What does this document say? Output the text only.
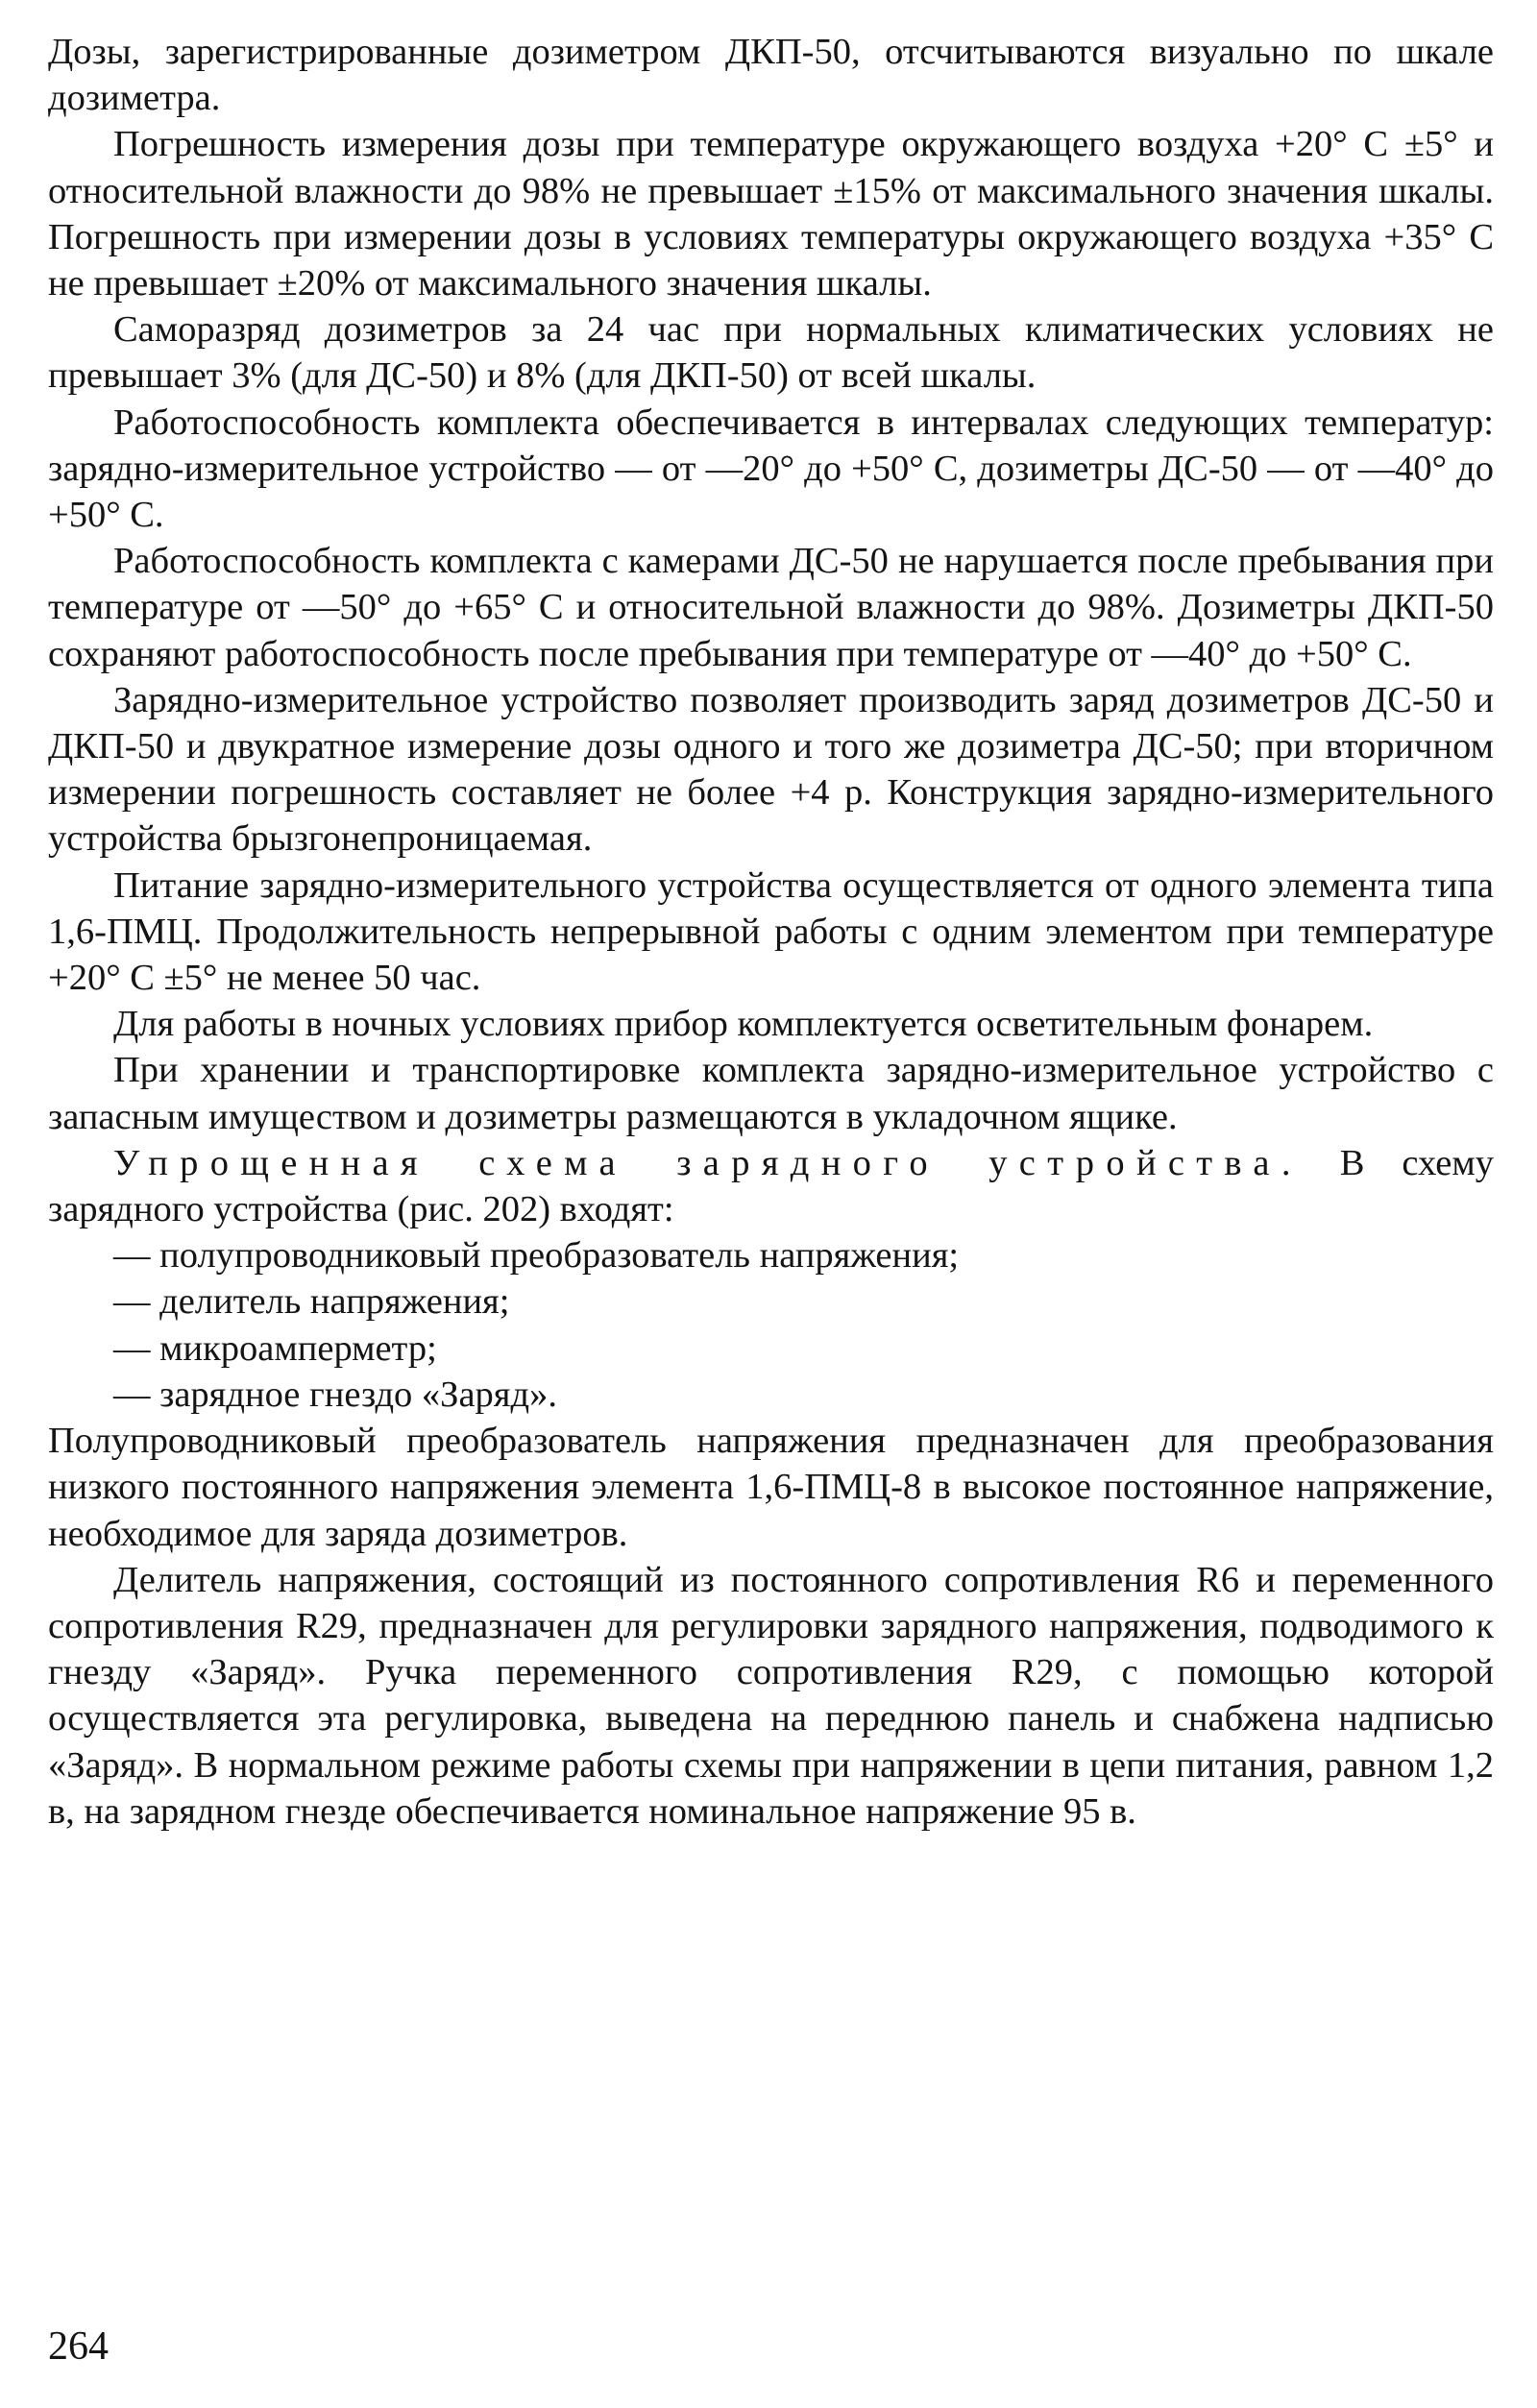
Дозы, зарегистрированные дозиметром ДКП-50, отсчитываются визуально по шкале дозиметра.

Погрешность измерения дозы при температуре окружающего воздуха +20° С ±5° и относительной влажности до 98% не превышает ±15% от максимального значения шкалы. Погрешность при измерении дозы в условиях температуры окружающего воздуха +35° С не превышает ±20% от максимального значения шкалы.

Саморазряд дозиметров за 24 час при нормальных климатических условиях не превышает 3% (для ДС-50) и 8% (для ДКП-50) от всей шкалы.

Работоспособность комплекта обеспечивается в интервалах следующих температур: зарядно-измерительное устройство — от —20° до +50° С, дозиметры ДС-50 — от —40° до +50° С.

Работоспособность комплекта с камерами ДС-50 не нарушается после пребывания при температуре от —50° до +65° С и относительной влажности до 98%. Дозиметры ДКП-50 сохраняют работоспособность после пребывания при температуре от —40° до +50° С.

Зарядно-измерительное устройство позволяет производить заряд дозиметров ДС-50 и ДКП-50 и двукратное измерение дозы одного и того же дозиметра ДС-50; при вторичном измерении погрешность составляет не более +4 р. Конструкция зарядно-измерительного устройства брызгонепроницаемая.

Питание зарядно-измерительного устройства осуществляется от одного элемента типа 1,6-ПМЦ. Продолжительность непрерывной работы с одним элементом при температуре +20° С ±5° не менее 50 час.

Для работы в ночных условиях прибор комплектуется осветительным фонарем.

При хранении и транспортировке комплекта зарядно-измерительное устройство с запасным имуществом и дозиметры размещаются в укладочном ящике.

Упрощенная схема зарядного устройства. В схему зарядного устройства (рис. 202) входят:

— полупроводниковый преобразователь напряжения;
— делитель напряжения;
— микроамперметр;
— зарядное гнездо «Заряд».

Полупроводниковый преобразователь напряжения предназначен для преобразования низкого постоянного напряжения элемента 1,6-ПМЦ-8 в высокое постоянное напряжение, необходимое для заряда дозиметров.

Делитель напряжения, состоящий из постоянного сопротивления R6 и переменного сопротивления R29, предназначен для регулировки зарядного напряжения, подводимого к гнезду «Заряд». Ручка переменного сопротивления R29, с помощью которой осуществляется эта регулировка, выведена на переднюю панель и снабжена надписью «Заряд». В нормальном режиме работы схемы при напряжении в цепи питания, равном 1,2 в, на зарядном гнезде обеспечивается номинальное напряжение 95 в.

264
